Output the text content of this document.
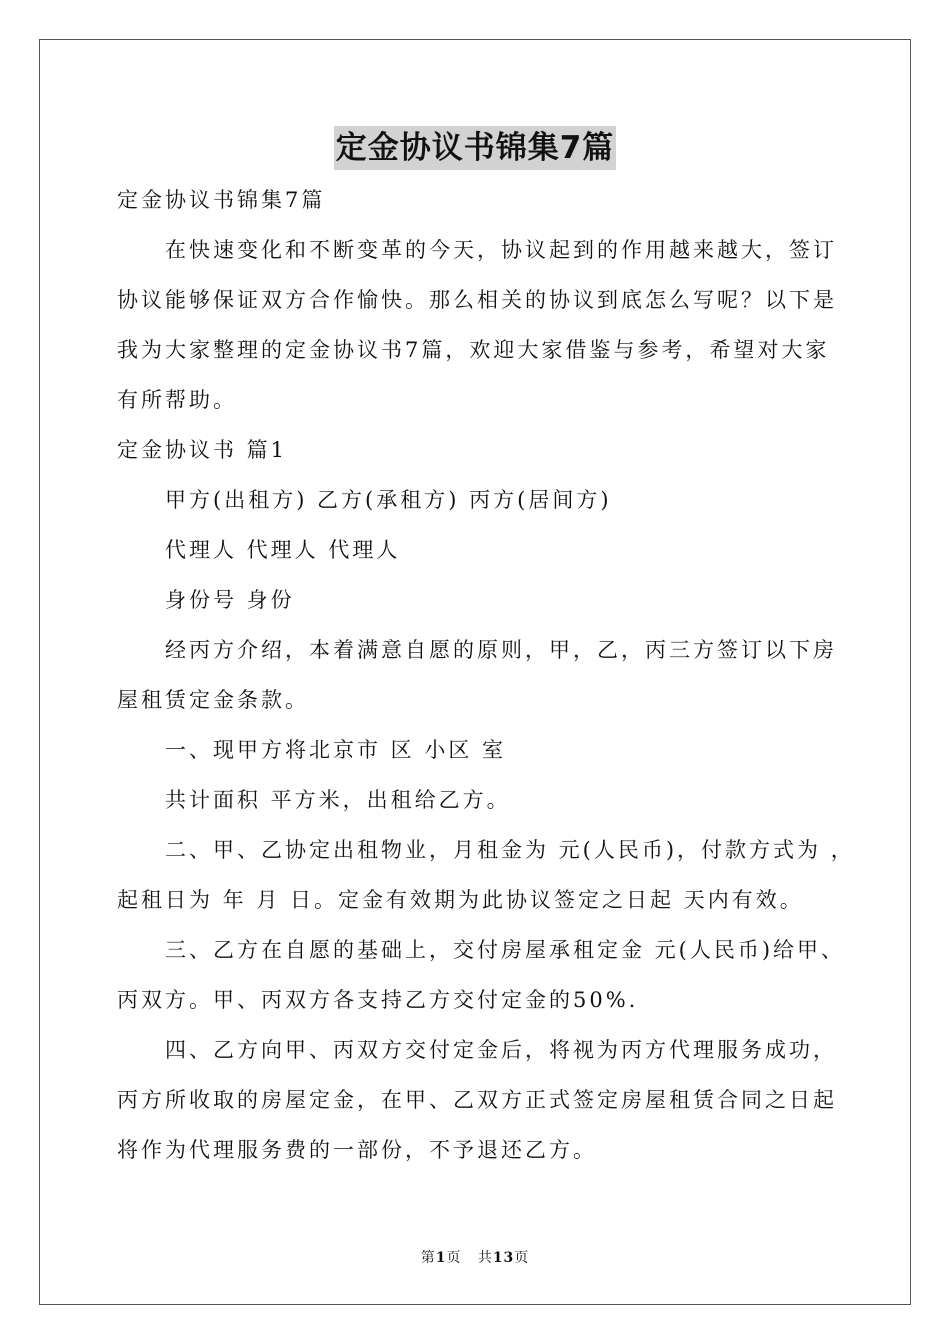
定金协议书锦集7篇
定金协议书锦集7篇
在快速变化和不断变革的今天，协议起到的作用越来越大，签订
协议能够保证双方合作愉快。那么相关的协议到底怎么写呢？以下是
我为大家整理的定金协议书7篇，欢迎大家借鉴与参考，希望对大家
有所帮助。
定金协议书 篇1
甲方(出租方) 乙方(承租方) 丙方(居间方)
代理人 代理人 代理人
身份号 身份
经丙方介绍，本着满意自愿的原则，甲，乙，丙三方签订以下房
屋租赁定金条款。
一、现甲方将北京市 区 小区 室
共计面积 平方米，出租给乙方。
二、甲、乙协定出租物业，月租金为 元(人民币)，付款方式为 ，
起租日为 年 月 日。定金有效期为此协议签定之日起 天内有效。
三、乙方在自愿的基础上，交付房屋承租定金 元(人民币)给甲、
丙双方。甲、丙双方各支持乙方交付定金的50%.
四、乙方向甲、丙双方交付定金后，将视为丙方代理服务成功，
丙方所收取的房屋定金，在甲、乙双方正式签定房屋租赁合同之日起
将作为代理服务费的一部份，不予退还乙方。
第1页 共13页
